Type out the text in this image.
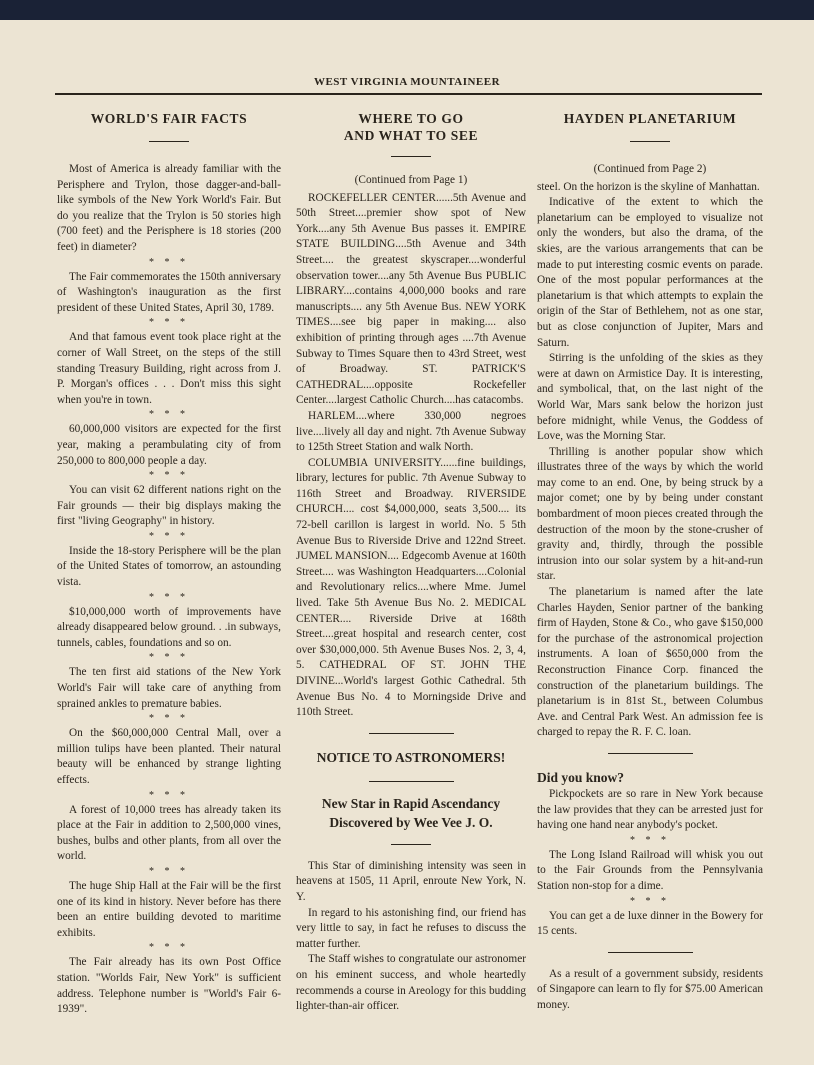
WEST VIRGINIA MOUNTAINEER
WORLD'S FAIR FACTS

Most of America is already familiar with the Perisphere and Trylon, those dagger-and-ball-like symbols of the New York World's Fair. But do you realize that the Trylon is 50 stories high (700 feet) and the Perisphere is 18 stories (200 feet) in diameter?

* * *

The Fair commemorates the 150th anniversary of Washington's inauguration as the first president of these United States, April 30, 1789.

* * *

And that famous event took place right at the corner of Wall Street, on the steps of the still standing Treasury Building, right across from J. P. Morgan's offices . . . Don't miss this sight when you're in town.

* * *

60,000,000 visitors are expected for the first year, making a perambulating city of from 250,000 to 800,000 people a day.

* * *

You can visit 62 different nations right on the Fair grounds — their big displays making the first "living Geography" in history.

* * *

Inside the 18-story Perisphere will be the plan of the United States of tomorrow, an astounding vista.

* * *

$10,000,000 worth of improvements have already disappeared below ground. . .in subways, tunnels, cables, foundations and so on.

* * *

The ten first aid stations of the New York World's Fair will take care of anything from sprained ankles to premature babies.

* * *

On the $60,000,000 Central Mall, over a million tulips have been planted. Their natural beauty will be enhanced by strange lighting effects.

* * *

A forest of 10,000 trees has already taken its place at the Fair in addition to 2,500,000 vines, bushes, bulbs and other plants, from all over the world.

* * *

The huge Ship Hall at the Fair will be the first one of its kind in history. Never before has there been an entire building devoted to maritime exhibits.

* * *

The Fair already has its own Post Office station. "Worlds Fair, New York" is sufficient address. Telephone number is "World's Fair 6-1939".

WHERE TO GO
AND WHAT TO SEE

(Continued from Page 1)

ROCKEFELLER CENTER......5th Avenue and 50th Street....premier show spot of New York....any 5th Avenue Bus passes it. EMPIRE STATE BUILDING....5th Avenue and 34th Street.... the greatest skyscraper....wonderful observation tower....any 5th Avenue Bus PUBLIC LIBRARY....contains 4,000,000 books and rare manuscripts.... any 5th Avenue Bus. NEW YORK TIMES....see big paper in making.... also exhibition of printing through ages ....7th Avenue Subway to Times Square then to 43rd Street, west of Broadway. ST. PATRICK'S CATHEDRAL....opposite Rockefeller Center....largest Catholic Church....has catacombs.

HARLEM....where 330,000 negroes live....lively all day and night. 7th Avenue Subway to 125th Street Station and walk North.

COLUMBIA UNIVERSITY......fine buildings, library, lectures for public. 7th Avenue Subway to 116th Street and Broadway. RIVERSIDE CHURCH.... cost $4,000,000, seats 3,500.... its 72-bell carillon is largest in world. No. 5 5th Avenue Bus to Riverside Drive and 122nd Street. JUMEL MANSION.... Edgecomb Avenue at 160th Street.... was Washington Headquarters....Colonial and Revolutionary relics....where Mme. Jumel lived. Take 5th Avenue Bus No. 2. MEDICAL CENTER.... Riverside Drive at 168th Street....great hospital and research center, cost over $30,000,000. 5th Avenue Buses Nos. 2, 3, 4, 5. CATHEDRAL OF ST. JOHN THE DIVINE...World's largest Gothic Cathedral. 5th Avenue Bus No. 4 to Morningside Drive and 110th Street.

NOTICE TO ASTRONOMERS!
New Star in Rapid Ascendancy
Discovered by Wee Vee J. O.

This Star of diminishing intensity was seen in heavens at 1505, 11 April, enroute New York, N. Y.

In regard to his astonishing find, our friend has very little to say, in fact he refuses to discuss the matter further.

The Staff wishes to congratulate our astronomer on his eminent success, and whole heartedly recommends a course in Areology for this budding lighter-than-air officer.

HAYDEN PLANETARIUM

(Continued from Page 2)

steel. On the horizon is the skyline of Manhattan.

Indicative of the extent to which the planetarium can be employed to visualize not only the wonders, but also the drama, of the skies, are the various arrangements that can be made to put interesting cosmic events on parade. One of the most popular performances at the planetarium is that which attempts to explain the origin of the Star of Bethlehem, not as one star, but as close conjunction of Jupiter, Mars and Saturn.

Stirring is the unfolding of the skies as they were at dawn on Armistice Day. It is interesting, and symbolical, that, on the last night of the World War, Mars sank below the horizon just before midnight, while Venus, the Goddess of Love, was the Morning Star.

Thrilling is another popular show which illustrates three of the ways by which the world may come to an end. One, by being struck by a major comet; one by by being under constant bombardment of moon pieces created through the destruction of the moon by the stone-crusher of gravity and, thirdly, through the possible intrusion into our solar system by a hit-and-run star.

The planetarium is named after the late Charles Hayden, Senior partner of the banking firm of Hayden, Stone & Co., who gave $150,000 for the purchase of the astronomical projection instruments. A loan of $650,000 from the Reconstruction Finance Corp. financed the construction of the planetarium buildings. The planetarium is in 81st St., between Columbus Ave. and Central Park West. An admission fee is charged to repay the R. F. C. loan.

Did you know?

Pickpockets are so rare in New York because the law provides that they can be arrested just for having one hand near anybody's pocket.

* * *

The Long Island Railroad will whisk you out to the Fair Grounds from the Pennsylvania Station non-stop for a dime.

* * *

You can get a de luxe dinner in the Bowery for 15 cents.

As a result of a government subsidy, residents of Singapore can learn to fly for $75.00 American money.
